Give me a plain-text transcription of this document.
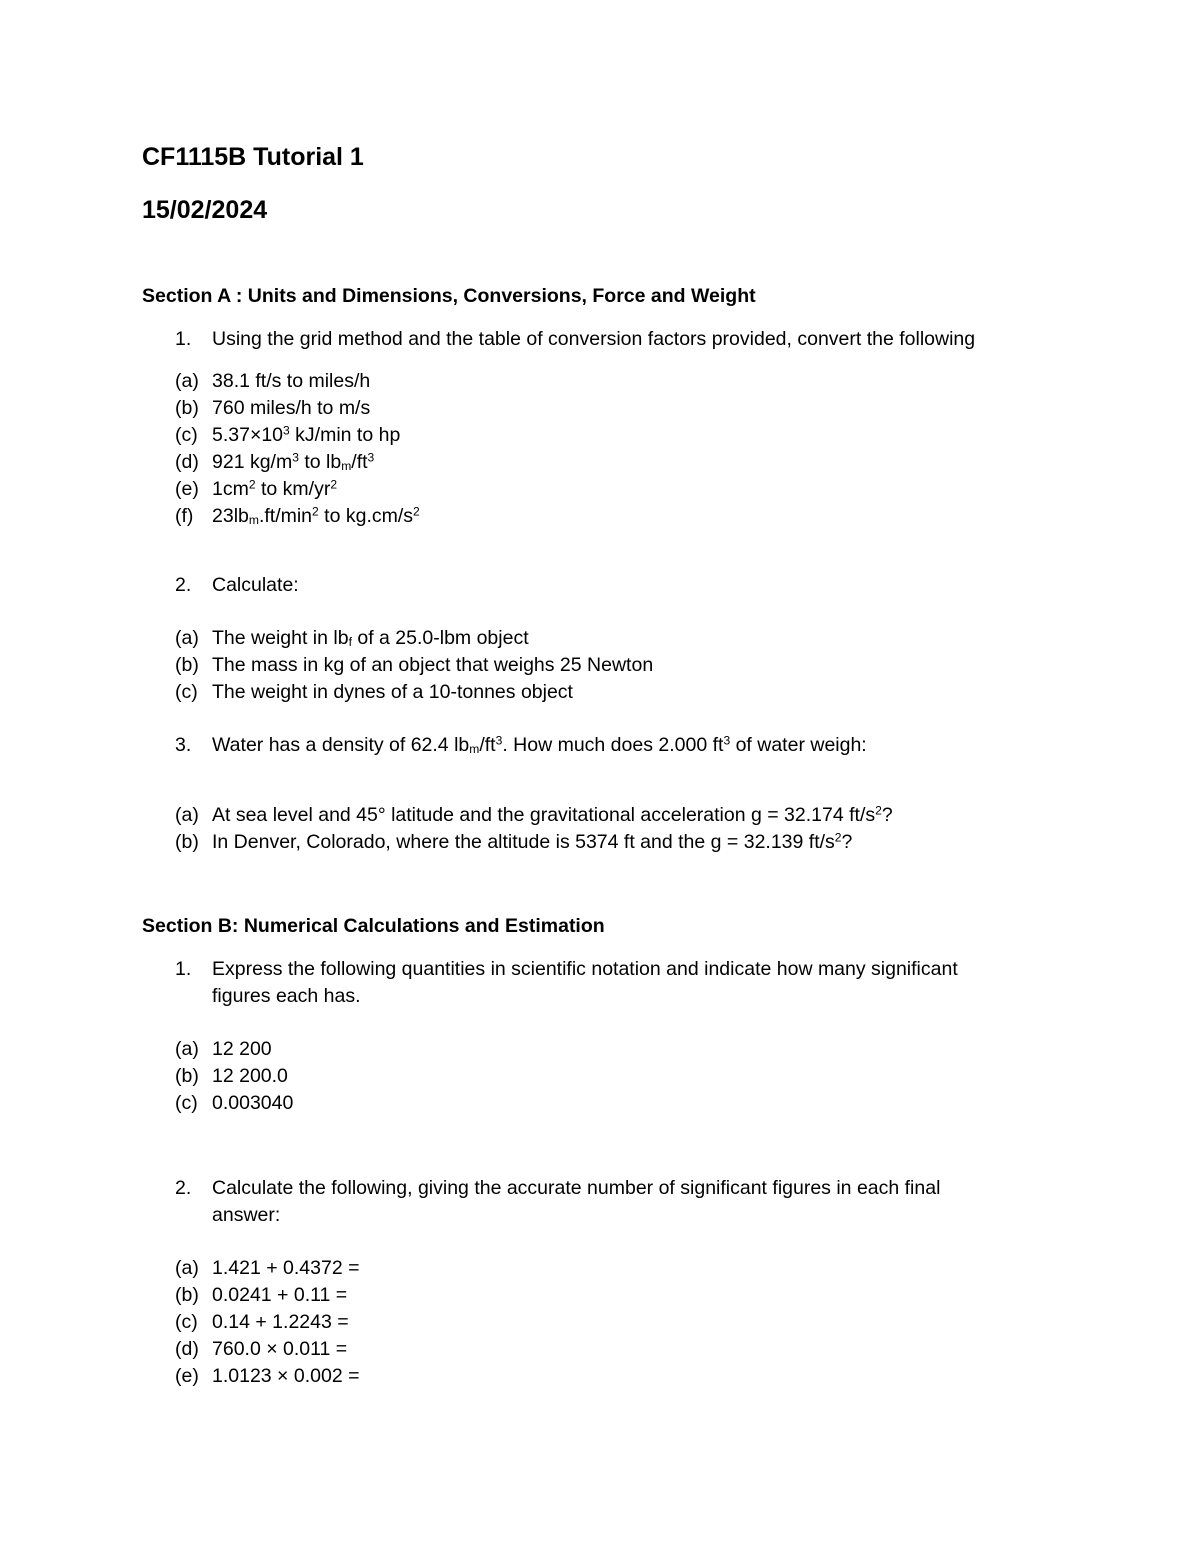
CF1115B Tutorial 1
15/02/2024
Section A : Units and Dimensions, Conversions, Force and Weight
1. Using the grid method and the table of conversion factors provided, convert the following
(a) 38.1 ft/s to miles/h
(b) 760 miles/h to m/s
(c) $5.37\times 10^3$ kJ/min to hp
(d) 921 $kg/m^3$ to $lb_m/ft^3$
(e) $1cm^2$ to $km/yr^2$
(f) $23lb_m.ft/\min^2$ to $kg.cm/s^2$
2. Calculate:
(a) The weight in $lb_f$ of a 25.0-lbm object
(b) The mass in kg of an object that weighs 25 Newton
(c) The weight in dynes of a 10-tonnes object
3. Water has a density of 62.4 $lb_m/ft^3$. How much does 2.000 $ft^3$ of water weigh:
(a) At sea level and 45° latitude and the gravitational acceleration g = 32.174 $ft/s^2$?
(b) In Denver, Colorado, where the altitude is 5374 ft and the g = 32.139 $ft/s^2$?
Section B: Numerical Calculations and Estimation
1. Express the following quantities in scientific notation and indicate how many significant
figures each has.
(a) 12 200
(b) 12 200.0
(c) 0.003040
2. Calculate the following, giving the accurate number of significant figures in each final
answer:
(a) 1.421 + 0.4372 =
(b) 0.0241 + 0.11 =
(c) 0.14 + 1.2243 =
(d) 760.0 × 0.011 =
(e) 1.0123 × 0.002 =
